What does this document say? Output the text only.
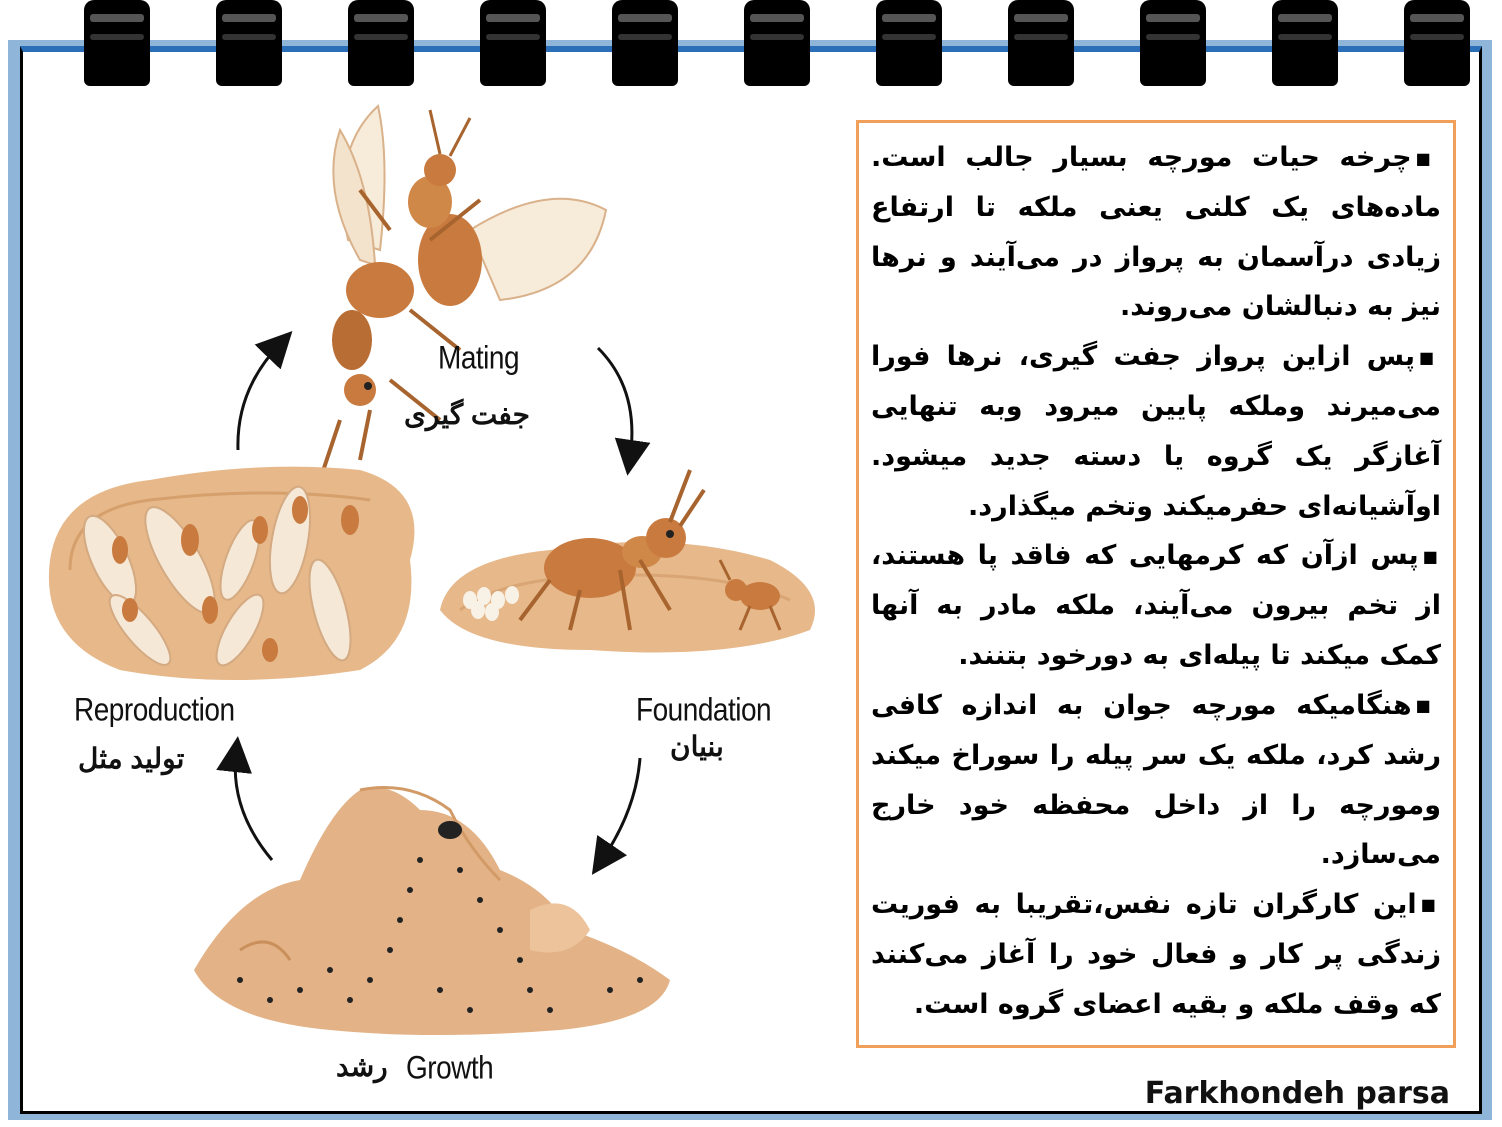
Mating
جفت گیری
Foundation
بنیان
Growth
رشد
Reproduction
تولید مثل

■چرخه حیات مورچه بسیار جالب است. ماده‌های یک کلنی یعنی ملکه تا ارتفاع زیادی درآسمان به پرواز در می‌آیند و نرها نیز به دنبالشان می‌روند.

■پس ازاین پرواز جفت گیری، نرها فورا می‌میرند وملکه پایین میرود وبه تنهایی آغازگر یک گروه یا دسته جدید میشود. اوآشیانه‌ای حفرمیکند وتخم میگذارد.

■پس ازآن که کرمهایی که فاقد پا هستند، از تخم بیرون می‌آیند، ملکه مادر به آنها کمک میکند تا پیله‌ای به دورخود بتنند.

■هنگامیکه مورچه جوان به اندازه کافی رشد کرد، ملکه یک سر پیله را سوراخ میکند ومورچه را از داخل محفظه خود خارج می‌سازد.

■این کارگران تازه نفس،تقریبا به فوریت زندگی پر کار و فعال خود را آغاز می‌کنند که وقف ملکه و بقیه اعضای گروه است.

Farkhondeh parsa
